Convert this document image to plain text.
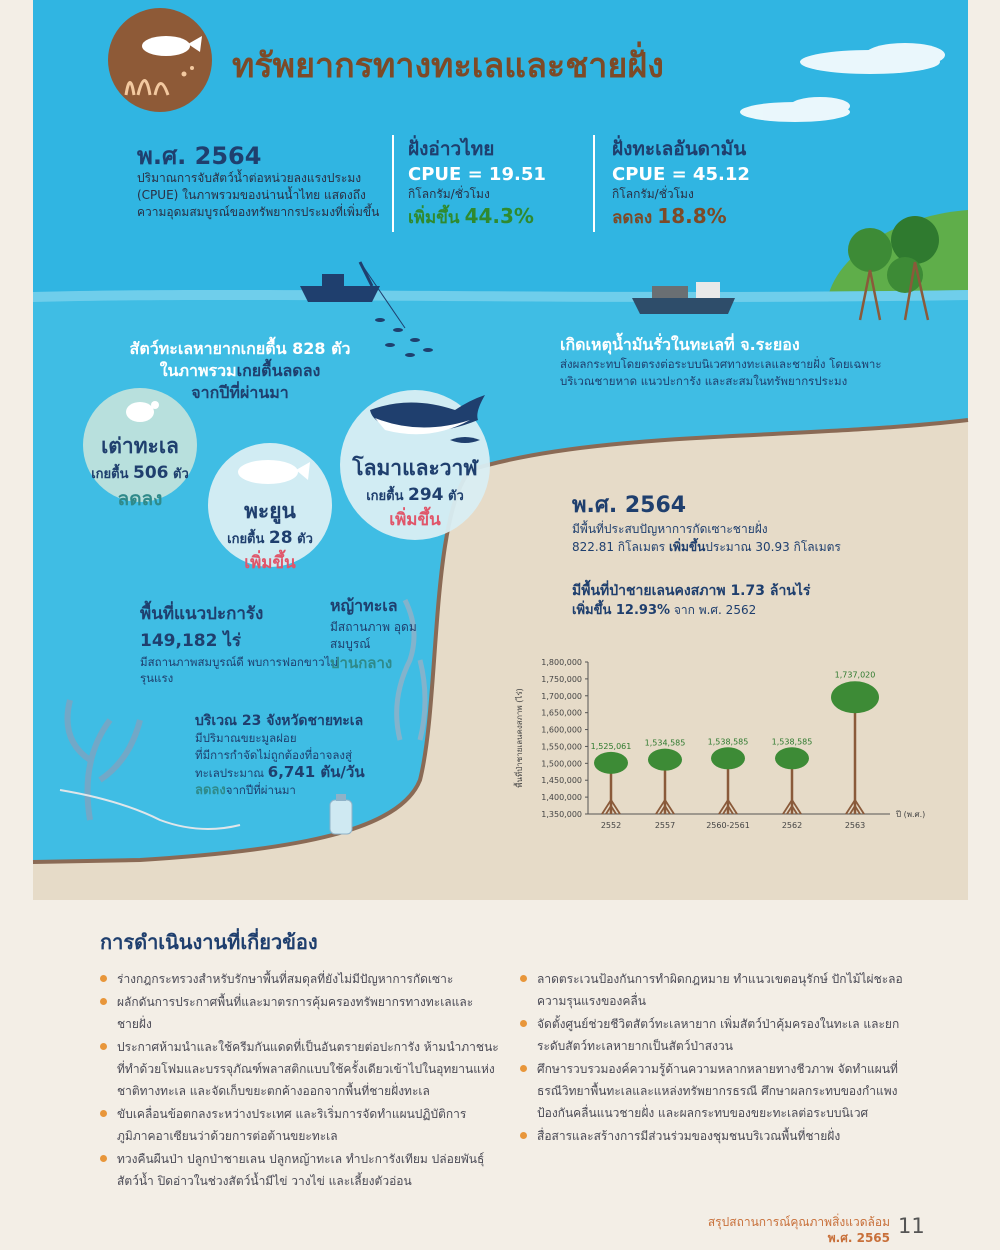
1,350,000
1,400,000
1,450,000
1,500,000
1,550,000
1,600,000
1,650,000
1,700,000
1,750,000
1,800,000
พื้นที่ป่าชายเลนคงสภาพ (ไร่)
ปี (พ.ศ.)
1,525,061
2552
1,534,585
2557
1,538,585
2560-2561
1,538,585
2562
1,737,020
2563
ทรัพยากรทางทะเลและชายฝั่ง
พ.ศ. 2564
ปริมาณการจับสัตว์น้ำต่อหน่วยลงแรงประมง (CPUE) ในภาพรวมของน่านน้ำไทย แสดงถึงความอุดมสมบูรณ์ของทรัพยากรประมงที่เพิ่มขึ้น
ฝั่งอ่าวไทย
CPUE = 19.51
กิโลกรัม/ชั่วโมง
เพิ่มขึ้น 44.3%
ฝั่งทะเลอันดามัน
CPUE = 45.12
กิโลกรัม/ชั่วโมง
ลดลง 18.8%
สัตว์ทะเลหายากเกยตื้น 828 ตัว
ในภาพรวมเกยตื้นลดลง
จากปีที่ผ่านมา
เต่าทะเล
เกยตื้น 506 ตัว
ลดลง	พะยูน
เกยตื้น 28 ตัว
เพิ่มขึ้น
โลมาและวาฬ
เกยตื้น 294 ตัว
เพิ่มขึ้น
เกิดเหตุน้ำมันรั่วในทะเลที่ จ.ระยอง
ส่งผลกระทบโดยตรงต่อระบบนิเวศทางทะเลและชายฝั่ง โดยเฉพาะบริเวณชายหาด แนวปะการัง และสะสมในทรัพยากรประมง
พื้นที่แนวปะการัง
149,182 ไร่
มีสถานภาพสมบูรณ์ดี พบการฟอกขาวไม่รุนแรง
หญ้าทะเล
มีสถานภาพ อุดมสมบูรณ์
ปานกลาง
บริเวณ 23 จังหวัดชายทะเล
มีปริมาณขยะมูลฝอย
ที่มีการกำจัดไม่ถูกต้องที่อาจลงสู่
ทะเลประมาณ 6,741 ตัน/วัน
ลดลงจากปีที่ผ่านมา
พ.ศ. 2564
มีพื้นที่ประสบปัญหาการกัดเซาะชายฝั่ง
822.81 กิโลเมตร เพิ่มขึ้นประมาณ 30.93 กิโลเมตร
มีพื้นที่ป่าชายเลนคงสภาพ 1.73 ล้านไร่
เพิ่มขึ้น 12.93% จาก พ.ศ. 2562
การดำเนินงานที่เกี่ยวข้อง
ร่างกฎกระทรวงสำหรับรักษาพื้นที่สมดุลที่ยังไม่มีปัญหาการกัดเซาะ
ผลักดันการประกาศพื้นที่และมาตรการคุ้มครองทรัพยากรทางทะเลและชายฝั่ง
ประกาศห้ามนำและใช้ครีมกันแดดที่เป็นอันตรายต่อปะการัง ห้ามนำภาชนะที่ทำด้วยโฟมและบรรจุภัณฑ์พลาสติกแบบใช้ครั้งเดียวเข้าไปในอุทยานแห่งชาติทางทะเล และจัดเก็บขยะตกค้างออกจากพื้นที่ชายฝั่งทะเล
ขับเคลื่อนข้อตกลงระหว่างประเทศ และริเริ่มการจัดทำแผนปฏิบัติการภูมิภาคอาเซียนว่าด้วยการต่อต้านขยะทะเล
ทวงคืนผืนป่า ปลูกป่าชายเลน ปลูกหญ้าทะเล ทำปะการังเทียม ปล่อยพันธุ์สัตว์น้ำ ปิดอ่าวในช่วงสัตว์น้ำมีไข่ วางไข่ และเลี้ยงตัวอ่อน
ลาดตระเวนป้องกันการทำผิดกฎหมาย ทำแนวเขตอนุรักษ์ ปักไม้ไผ่ชะลอความรุนแรงของคลื่น
จัดตั้งศูนย์ช่วยชีวิตสัตว์ทะเลหายาก เพิ่มสัตว์ป่าคุ้มครองในทะเล และยกระดับสัตว์ทะเลหายากเป็นสัตว์ป่าสงวน
ศึกษารวบรวมองค์ความรู้ด้านความหลากหลายทางชีวภาพ จัดทำแผนที่ธรณีวิทยาพื้นทะเลและแหล่งทรัพยากรธรณี ศึกษาผลกระทบของกำแพงป้องกันคลื่นแนวชายฝั่ง และผลกระทบของขยะทะเลต่อระบบนิเวศ
สื่อสารและสร้างการมีส่วนร่วมของชุมชนบริเวณพื้นที่ชายฝั่ง
สรุปสถานการณ์คุณภาพสิ่งแวดล้อม
พ.ศ. 2565 11
